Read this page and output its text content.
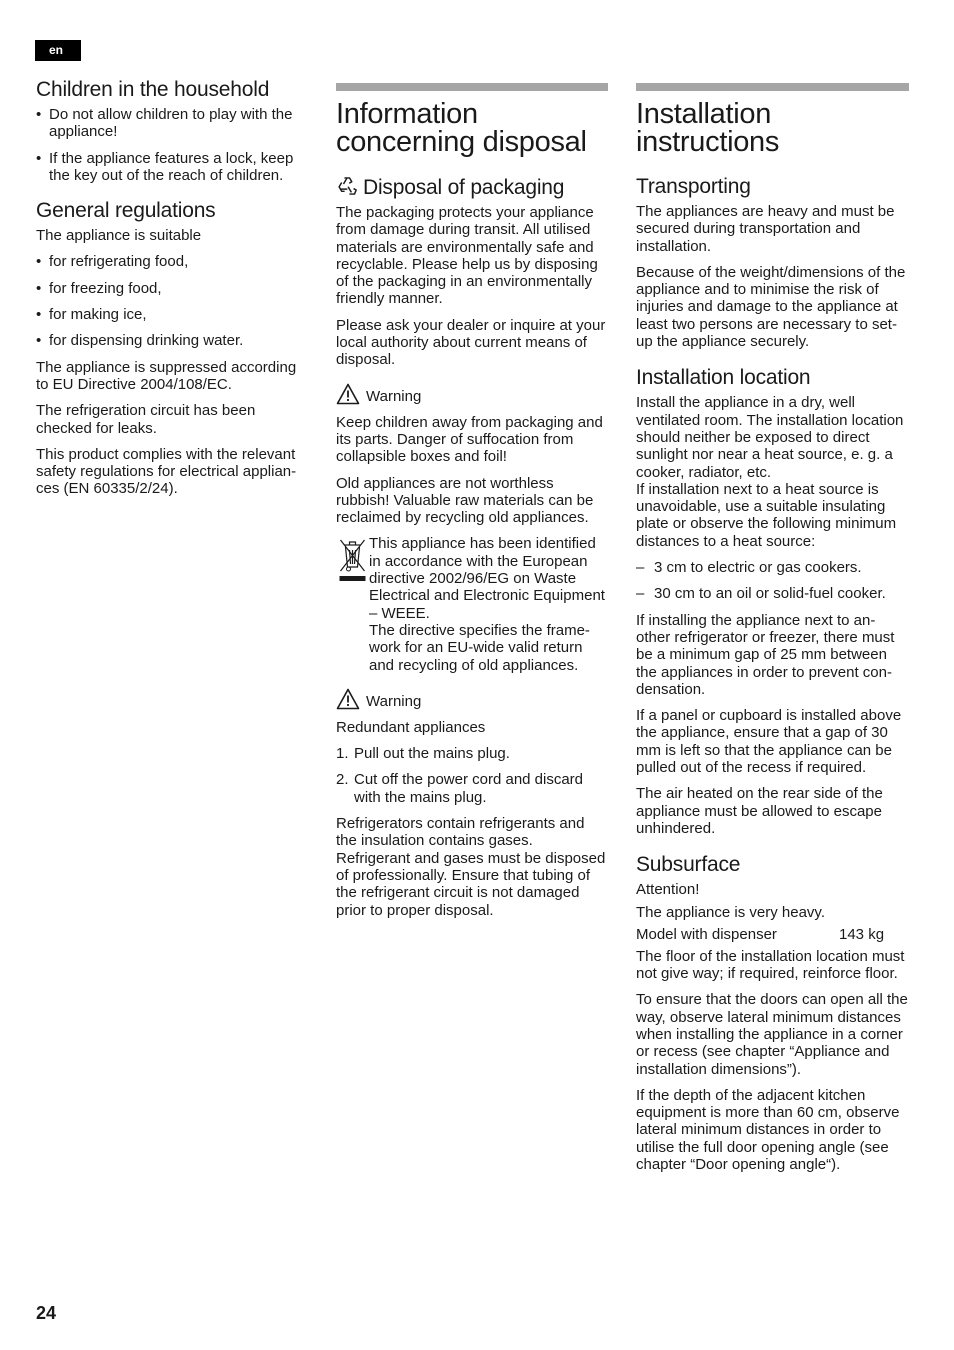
en
Children in the household
• Do not allow children to play with the appliance!
• If the appliance features a lock, keep the key out of the reach of children.
General regulations

The appliance is suitable

• for refrigerating food,
• for freezing food,
• for making ice,
• for dispensing drinking water.

The appliance is suppressed according to EU Directive 2004/108/EC.

The refrigeration circuit has been checked for leaks.

This product complies with the relevant safety regulations for electrical applian-ces (EN 60335/2/24).

Information concerning disposal
Disposal of packaging

The packaging protects your appliance from damage during transit. All utilised materials are environmentally safe and recyclable. Please help us by disposing of the packaging in an environmentally friendly manner.

Please ask your dealer or inquire at your local authority about current means of disposal.

Warning

Keep children away from packaging and its parts. Danger of suffocation from collapsible boxes and foil!

Old appliances are not worthless rubbish! Valuable raw materials can be reclaimed by recycling old appliances.

This appliance has been identified in accordance with the European directive 2002/96/EG on Waste Electrical and Electronic Equipment – WEEE.
The directive specifies the frame-work for an EU-wide valid return and recycling of old appliances.

Warning

Redundant appliances

1. Pull out the mains plug.
2. Cut off the power cord and discard with the mains plug.

Refrigerators contain refrigerants and the insulation contains gases. Refrigerant and gases must be disposed of professionally. Ensure that tubing of the refrigerant circuit is not damaged prior to proper disposal.

Installation instructions
Transporting

The appliances are heavy and must be secured during transportation and installation.

Because of the weight/dimensions of the appliance and to minimise the risk of injuries and damage to the appliance at least two persons are necessary to set-up the appliance securely.

Installation location

Install the appliance in a dry, well ventilated room. The installation location should neither be exposed to direct sunlight nor near a heat source, e. g. a cooker, radiator, etc.
If installation next to a heat source is unavoidable, use a suitable insulating plate or observe the following minimum distances to a heat source:

– 3 cm to electric or gas cookers.
– 30 cm to an oil or solid-fuel cooker.

If installing the appliance next to an-other refrigerator or freezer, there must be a minimum gap of 25 mm between the appliances in order to prevent con-densation.

If a panel or cupboard is installed above the appliance, ensure that a gap of 30 mm is left so that the appliance can be pulled out of the recess if required.

The air heated on the rear side of the appliance must be allowed to escape unhindered.

Subsurface
Attention!

The appliance is very heavy.

Model with dispenser	143 kg

The floor of the installation location must not give way; if required, reinforce floor.

To ensure that the doors can open all the way, observe lateral minimum distances when installing the appliance in a corner or recess (see chapter “Appliance and installation dimensions”).

If the depth of the adjacent kitchen equipment is more than 60 cm, observe lateral minimum distances in order to utilise the full door opening angle (see chapter “Door opening angle“).

24
